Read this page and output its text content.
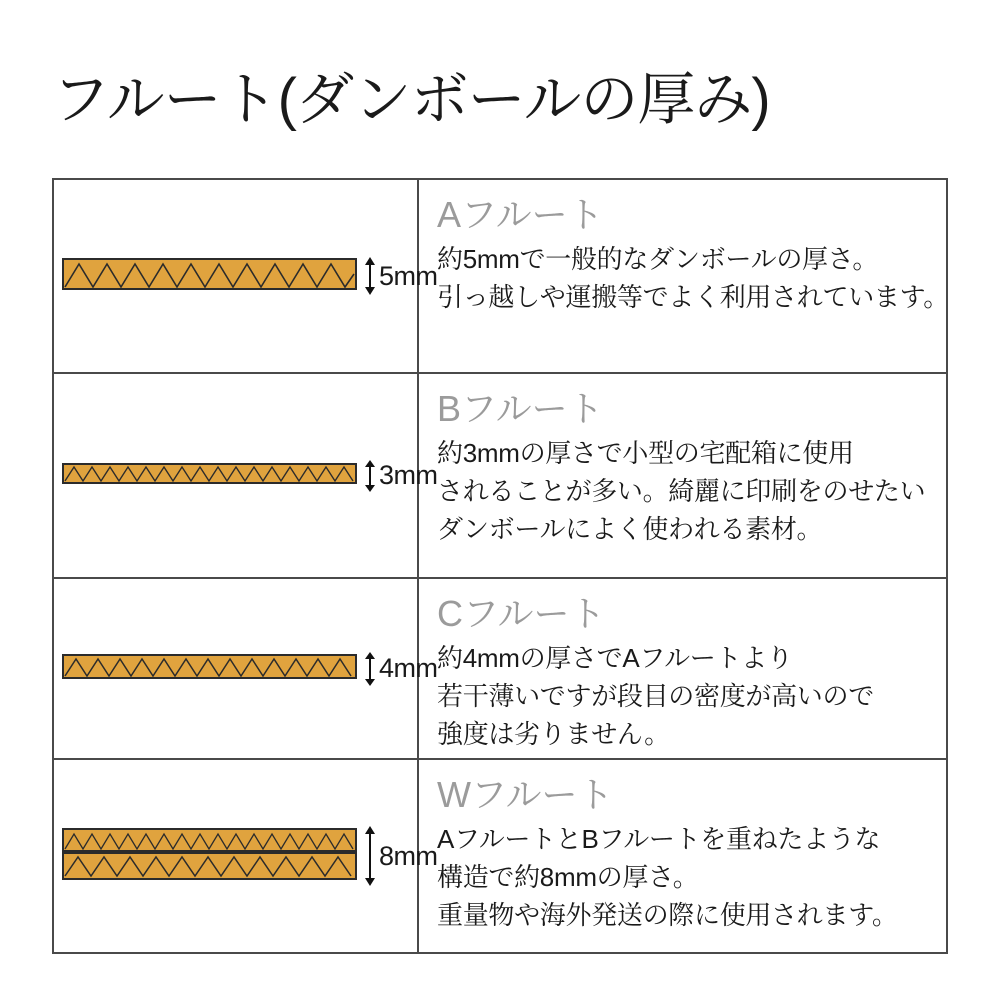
フルート(ダンボールの厚み)
5mm
Aフルート
約5mmで一般的なダンボールの厚さ。
引っ越しや運搬等でよく利用されています。
3mm
Bフルート
約3mmの厚さで小型の宅配箱に使用
されることが多い。綺麗に印刷をのせたい
ダンボールによく使われる素材。
4mm
Cフルート
約4mmの厚さでAフルートより
若干薄いですが段目の密度が高いので
強度は劣りません。
8mm
Wフルート
AフルートとBフルートを重ねたような
構造で約8mmの厚さ。
重量物や海外発送の際に使用されます。
